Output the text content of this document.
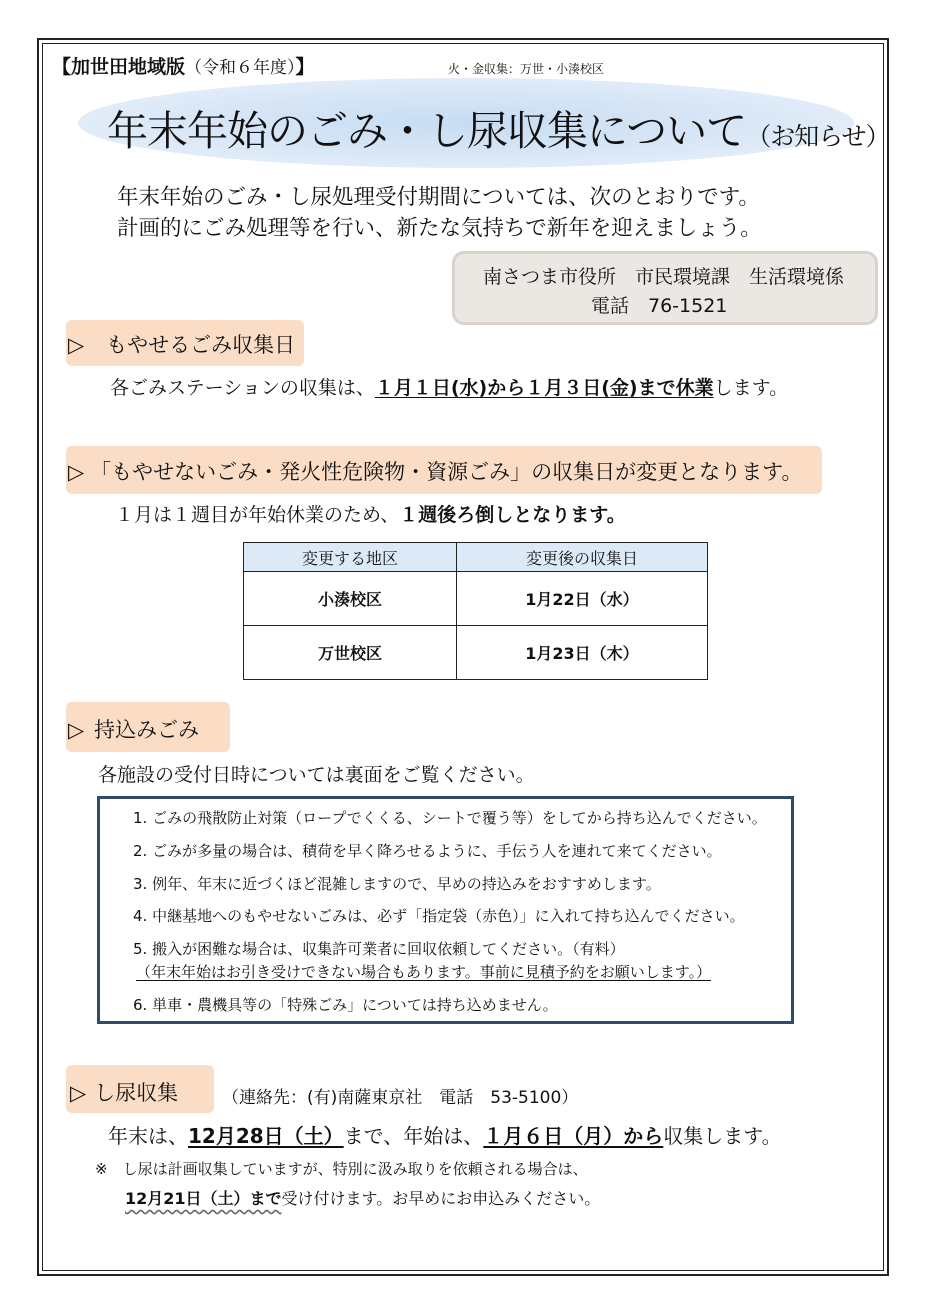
【加世田地域版（令和６年度）】	火・金収集：万世・小湊校区
年末年始のごみ・し尿収集について（お知らせ）
年末年始のごみ・し尿処理受付期間については、次のとおりです。
計画的にごみ処理等を行い、新たな気持ちで新年を迎えましょう。
南さつま市役所　市民環境課　生活環境係
電話　76-1521
▷ もやせるごみ収集日
各ごみステーションの収集は、１月１日(水)から１月３日(金)まで休業します。
▷ 「もやせないごみ・発火性危険物・資源ごみ」の収集日が変更となります。
１月は１週目が年始休業のため、１週後ろ倒しとなります。
変更する地区	変更後の収集日
小湊校区	1月22日（水）
万世校区	1月23日（木）
▷ 持込みごみ
各施設の受付日時については裏面をご覧ください。
1. ごみの飛散防止対策（ロープでくくる、シートで覆う等）をしてから持ち込んでください。
2. ごみが多量の場合は、積荷を早く降ろせるように、手伝う人を連れて来てください。
3. 例年、年末に近づくほど混雑しますので、早めの持込みをおすすめします。
4. 中継基地へのもやせないごみは、必ず「指定袋（赤色）」に入れて持ち込んでください。
5. 搬入が困難な場合は、収集許可業者に回収依頼してください。（有料）
（年末年始はお引き受けできない場合もあります。事前に見積予約をお願いします。）
6. 単車・農機具等の「特殊ごみ」については持ち込めません。
▷ し尿収集	（連絡先：(有)南薩東京社　電話　53-5100）
年末は、12月28日（土）まで、年始は、１月６日（月）から収集します。
※　し尿は計画収集していますが、特別に汲み取りを依頼される場合は、
12月21日（土）まで受け付けます。お早めにお申込みください。
